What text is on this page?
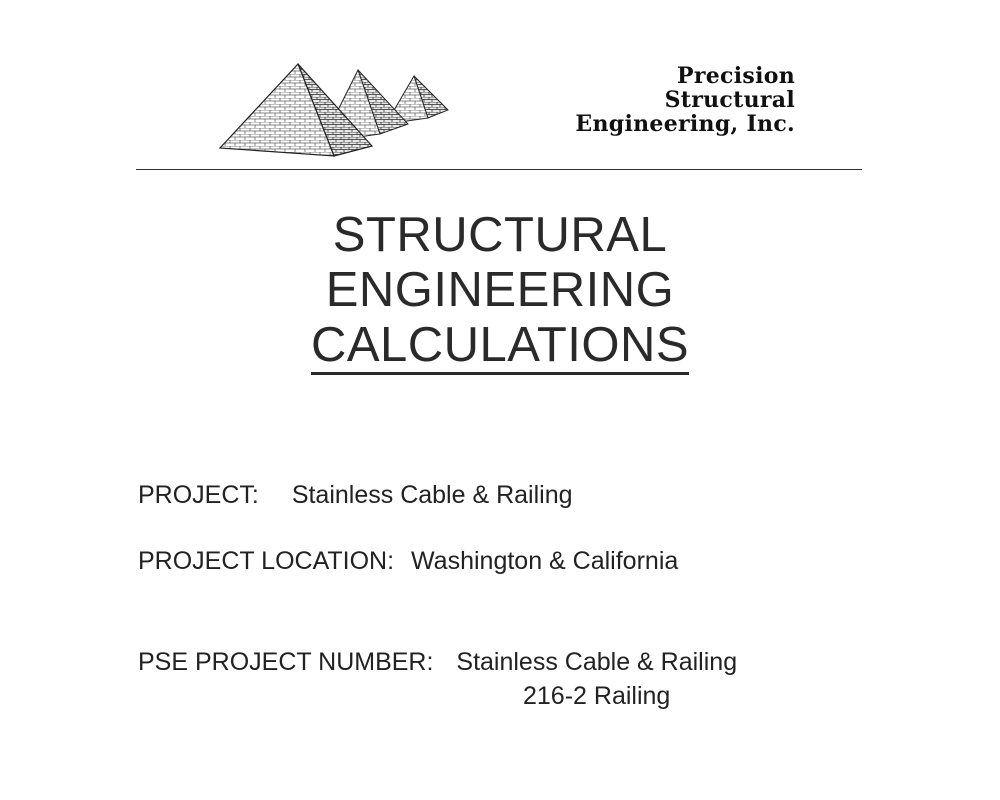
Precision
Structural
Engineering, Inc.
STRUCTURAL
ENGINEERING
CALCULATIONS
PROJECT: Stainless Cable & Railing
PROJECT LOCATION: Washington & California
PSE PROJECT NUMBER: Stainless Cable & Railing
216-2 Railing
